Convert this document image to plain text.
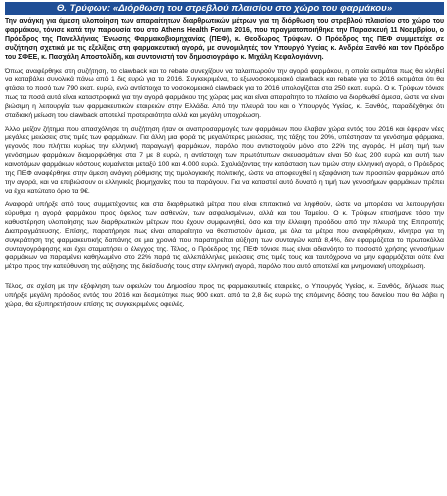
Θ. Τρύφων: «Διόρθωση του στρεβλού πλαισίου στο χώρο του φαρμάκου»

Την ανάγκη για άμεση υλοποίηση των απαραίτητων διαρθρωτικών μέτρων για τη διόρθωση του στρεβλού πλαισίου στο χώρο του φαρμάκου, τόνισε κατά την παρουσία του στο Athens Health Forum 2016, που πραγματοποιήθηκε την Παρασκευή 11 Νοεμβρίου, ο Πρόεδρος της Πανελλήνιας Ένωσης Φαρμακοβιομηχανίας (ΠΕΦ), κ. Θεοδωρος Τρύφων. Ο Πρόεδρος της ΠΕΦ συμμετείχε σε συζήτηση σχετικά με τις εξελίξεις στη φαρμακευτική αγορά, με συνομιλητές τον Υπουργό Υγείας κ. Ανδρέα Ξανθό και τον Πρόεδρο του ΣΦΕΕ, κ. Πασχάλη Αποστολίδη, και συντονιστή τον δημοσιογράφο κ. Μιχάλη Κεφαλογιάννη.

Όπως αναφέρθηκε στη συζήτηση, το clawback και το rebate συνεχίζουν να ταλαιπωρούν την αγορά φαρμάκου, η οποία εκτιμάται πως θα κληθεί να καταβάλει συνολικά πάνω από 1 δις ευρώ για το 2016. Συγκεκριμένα, το εξωνοσοκομειακό clawback και rebate για το 2016 εκτιμάται ότι θα φτάσει το ποσό των 790 εκατ. ευρώ, ενώ αντίστοιχα το νοσοκομειακό clawback για το 2016 υπολογίζεται στα 250 εκατ. ευρώ. Ο κ. Τρύφων τόνισε πως τα ποσά αυτά είναι καταστροφικά για την αγορά φαρμάκου της χώρας μας και είναι απαραίτητο το πλαίσιο να διορθωθεί άμεσα, ώστε να είναι βιώσιμη η λειτουργία των φαρμακευτικών εταιρειών στην Ελλάδα. Από την πλευρά του και ο Υπουργός Υγείας, κ. Ξανθός, παραδέχθηκε ότι σταδιακή μείωση του clawback αποτελεί προτεραιότητα αλλά και μεγάλη υποχρέωση.

Άλλο μείζον ζήτημα που απασχόλησε τη συζήτηση ήταν οι αναπροσαρμογές των φαρμάκων που έλαβαν χώρα εντός του 2016 και έφεραν νέες μεγάλες μειώσεις στις τιμές των φαρμάκων. Για άλλη μια φορά τις μεγαλύτερες μειώσεις, της τάξης του 20%, υπέστησαν τα γενόσημα φάρμακα, γεγονός που πλήττει κυρίως την ελληνική παραγωγή φαρμάκων, παρόλο που αντιστοιχούν μόνο στο 22% της αγοράς. Η μέση τιμή των γενόσημων φαρμάκων διαμορφώθηκε στα 7 με 8 ευρώ, η αντίστοιχη των πρωτότυπων σκευασμάτων είναι 50 έως 200 ευρώ και αυτή των καινοτόμων φαρμάκων κόστους κυμαίνεται μεταξύ 100 και 4.000 ευρώ. Σχολιάζοντας την κατάσταση των τιμών στην ελληνική αγορά, ο Πρόεδρος της ΠΕΦ αναφέρθηκε στην άμεση ανάγκη ρύθμισης της τιμολογιακής πολιτικής, ώστε να αποφευχθεί η εξαφάνιση των προσιτών φαρμάκων από την αγορά, και να επιβιώσουν οι ελληνικές βιομηχανίες που τα παράγουν. Για να καταστεί αυτό δυνατό η τιμή των γενοσήμων φαρμάκων πρέπει να έχει κατώτατο όριο τα 9€.

Αναφορά υπήρξε από τους συμμετέχοντες και στα διαρθρωτικά μέτρα που είναι επιτακτικό να ληφθούν, ώστε να μπορέσει να λειτουργήσει εύρυθμα η αγορά φαρμάκου προς όφελος των ασθενών, των ασφαλισμένων, αλλά και του Ταμείου. Ο κ. Τρύφων επισήμανε τόσο την καθυστέρηση υλοποίησης των διαρθρωτικών μέτρων που έχουν συμφωνηθεί, όσο και την έλλειψη προόδου από την πλευρά της Επιτροπής Διαπραγμάτευσης. Επίσης, παρατήρησε πως είναι απαραίτητο να θεσπιστούν άμεσα, με όλα τα μέτρα που αναφέρθηκαν, κίνητρα για τη συγκράτηση της φαρμακευτικής δαπάνης σε μια χρονιά που παρατηρείται αύξηση των συνταγών κατά 8,4%, δεν εφαρμόζεται το πρωτοκόλλα συνταγογράφησης και έχει σταματήσει ο έλεγχος της. Τέλος, ο Πρόεδρος της ΠΕΦ τόνισε πως είναι αδιανόητο το ποσοστό χρήσης γενοσήμων φαρμάκων να παραμένει καθηλωμένο στο 22% παρά τις αλλεπάλληλες μειώσεις στις τιμές τους και ταυτόχρονα να μην εφαρμόζεται ούτε ένα μέτρο προς την κατεύθυνση της αύξησης της διείσδυσής τους στην ελληνική αγορά, παρόλο που αυτό αποτελεί και μνημονιακή υποχρέωση.

Τέλος, σε σχέση με την εξόφληση των οφειλών του Δημοσίου προς τις φαρμακευτικές εταιρείες, ο Υπουργός Υγείας, κ. Ξανθός, δήλωσε πως υπήρξε μεγάλη πρόοδος εντός του 2016 και δεσμεύτηκε πως 900 εκατ. από τα 2,8 δις ευρώ της επόμενης δόσης του δανείου που θα λάβει η χώρα, θα εξυπηρετήσουν επίσης τις συγκεκριμένες οφειλές.
